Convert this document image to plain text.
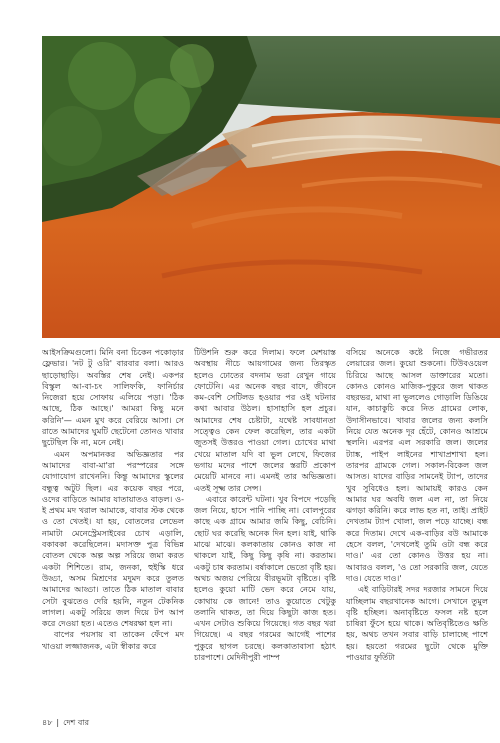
আইসক্রিমগুলো। মিনি বনা চিকেন পকোড়ার ফ্লেভার। 'নট টু ওরি' বারবার বলা। আরও ছাড়োছাড়ি। অবস্তির শেষ নেই। একপর বিস্কুল আ-বা-চং সালিফকি, ফানির্চার নিজেরা হয়ে সোফায় এলিয়ে পড়া। 'ঠিক আছে, ঠিক আছে।' আমরা কিছু মনে করিনি'— এমন মুখ করে বেরিয়ে আসা। সে রাতে আমাদের ঘুমটি ছেটেনো তোনও খাবার ছুটেছিল কি না, মনে নেই।

এমন অপমানকর অভিজ্ঞতার পর আমাদের বাবা-মা'রা পরস্পরের সঙ্গে যোগাযোগ রাখেননি। কিন্তু আমাদের স্কুলের বন্ধুত্ব অটুট ছিল। এর কয়েক বছর পরে, ওদের বাড়িতে আমার যাতায়াতও বাড়ল। ও-ই প্রথম মদ খরাল আমাকে, বাবার স্টক থেকে ও তো খেতই। যা হয়, বোতলের লেভেল নামাটা মেনেস্ট্রেমসাইবের চোখ এড়ালি, বকাবকা করেছিলেন। মদাসক্ত পুত্র বিভিন্ন বোতল থেকে অল্প অল্প সরিয়ে জমা করত একটা শিশিতে। রাম, জনকা, হুইস্কি ধরে উড্ডা, অসম মিশ্রণের মদুমদ করে তুলত আমাদের আড্ডা। তাতে ঠিক মাতাল বাবার সেটা বুঝতেও দেরি হয়নি, নতুন টেকনিক লাগল। একটু সরিয়ে জল দিয়ে টপ আপ করে দেওয়া হত। এতেও শেষরক্ষা হল না।

বাপের পয়সায় বা তাকেন ফেঁপে মদ খাওয়া লজ্জাজনক, এটা স্বীকার করে

টিউশনি শুরু করে দিলাম। ফলে মেশয়াস্ত অবস্থায় নীচে আয়গামের জন্য তিরস্কৃত হলেও ঢোতের বদনাম ভরা রেখুন গায়ে ফোটেনি। এর অনেক বছর বাদে, জীবনে কম-বেশি সেটিলড হওয়ার পর ওই ঘটনার কথা আবার উঠল। হাসাহাসি হল প্রচুর। আমাদের শেষ চেষ্টাটা, যথেষ্ট সাবধানতা সত্ত্বেও কেন ফেল করেছিল, তার একটা জুতসই উত্তরও পাওয়া গেল। চোখের মাথা খেয়ে মাতাল যদি বা ভুল লেখে, ফিজের ভগায় মদের পাশে জলের স্তরটি প্রকোপ মেয়েটি মানবে না। এমনই তার অভিজ্ঞতা। এতই সূক্ষ্ম তার সেন্স।

এবারে কারেন্ট ঘটনা। খুব বিপদে পড়েছি জল নিয়ে, হাসে পানি পাচ্ছি না। বোলপুরের কাছে এক গ্রামে আমার জমি কিছু, বেচিনি। ছোট ঘর করেছি অনেক দিন হল। যাই, থাকি মাঝে মাঝে। কলকাতায় কোনও কাজ না থাকলে যাই, কিছু কিছু কৃষি না। করতাম। একটু চাষ করতাম। বর্ষাকালে ভেতো বৃষ্টি হয়। অথচ অজয় পেরিয়ে বীরভূমটা বৃষ্টিতে। বৃষ্টি হলেও কুয়ো মাটি ভেদ করে নেমে যায়, কোথায় কে জানে! তাও কুয়োতে খেটুকু তলানি থাকত, তা দিয়ে কিছুটা কাজ হত। এখন সেটাও শুকিয়ে গিয়েছে। গত বছর খরা গিয়েছে। এ বছর গরমের আগেই পাশের পুকুরে ছাগল চরছে। কলকাতাবাসা হঠাৎ চারপাশে। মেদিনীপুরী পাম্প

বসিয়ে অনেকে কষ্টে নিজে গভীরতর লেয়ারের জল। কুয়ো শুকনো। টিউবওয়েল চিরিয়ে আছে আসল ডাক্তারের মতো। কোনও কোনও মাজিক-পুকুরে জল থাকত বছরভর, মাথা না ভুললেও গোড়ালি ডিঙিয়ে যান, কাচাকুচি করে নিত গ্রামের লোক, উদাসীনভাবে। খাবার জলের জন্য কলসি নিয়ে যেত অনেক দূর হেঁটে, কোনও আশ্রমে স্থলনি। এরপর এল সরকারি জল। জলের ট্যাঙ্ক, পাইপ লাইনের শাখাপ্রশাখা হল। তারপর গ্রামকে গেল। সকাল-বিকেল জল আসত। যাদের বাড়ির সামনেই ট্যাপ, তাদের খুব সুবিধেও হল। আমায়ই কারও কেন আমার ঘর অবধি জল এল না, তা নিয়ে ঝগড়া করিনি। করে লাভ হত না, তাই। প্রাইট দেখতাম ট্যাপ খোলা, জল পড়ে যাচ্ছে। বন্ধ করে দিতাম। দেখে এক-বাড়ির বউ আমাকে হেসে বলল, 'দেখলেই তুমি ওটা বন্ধ করে দাও।' এর তো কোনও উত্তর হয় না। আবারও বলল, 'ও তো সরকারি জল, যেতে দাও। যেতে দাও।'

এই বাড়িটারই সদর দরজার সামনে দিয়ে যাচ্ছিলাম বছরখানেক আগে। সেখানে তুমুল বৃষ্টি হচ্ছিল। অনাবৃষ্টিতে ফসল নষ্ট হলে চাষিরা ফুঁসে হয়ে থাকে। অতিবৃষ্টিতেও ক্ষতি হয়, অথচ তখন সবার বাড়ি চালাচ্ছে পাশে হয়। হয়তো গরমের ছুটো থেকে মুক্তি পাওয়ার ফুর্তিটা

৪৮ | দেশ বার
